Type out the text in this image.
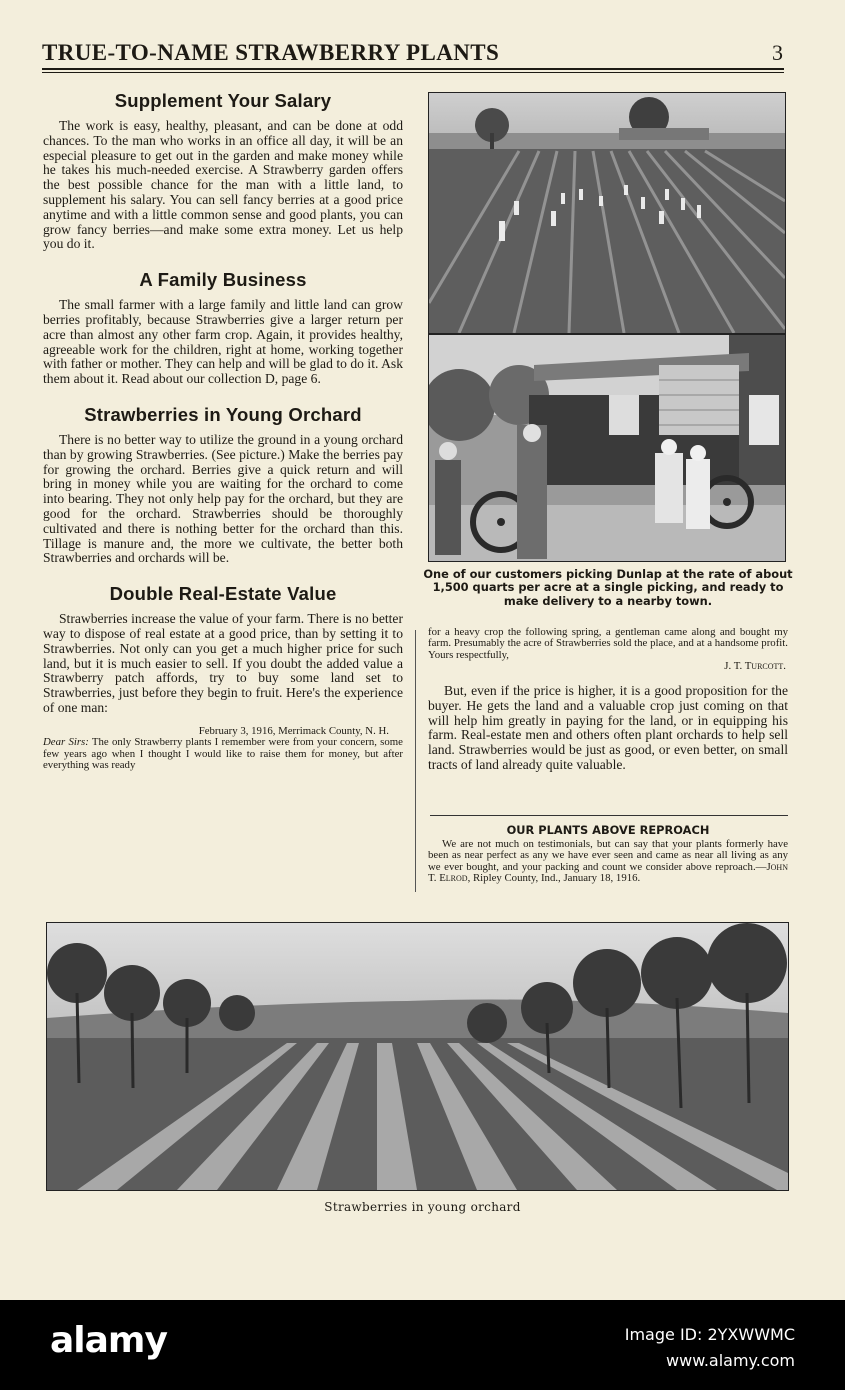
TRUE-TO-NAME STRAWBERRY PLANTS	3
Supplement Your Salary

The work is easy, healthy, pleasant, and can be done at odd chances. To the man who works in an office all day, it will be an especial pleasure to get out in the garden and make money while he takes his much-needed exercise. A Strawberry garden offers the best possible chance for the man with a little land, to supplement his salary. You can sell fancy berries at a good price anytime and with a little common sense and good plants, you can grow fancy berries—and make some extra money. Let us help you do it.

A Family Business

The small farmer with a large family and little land can grow berries profitably, because Strawberries give a larger return per acre than almost any other farm crop. Again, it provides healthy, agreeable work for the children, right at home, working together with father or mother. They can help and will be glad to do it. Ask them about it. Read about our collection D, page 6.

Strawberries in Young Orchard

There is no better way to utilize the ground in a young orchard than by growing Strawberries. (See picture.) Make the berries pay for growing the orchard. Berries give a quick return and will bring in money while you are waiting for the orchard to come into bearing. They not only help pay for the orchard, but they are good for the orchard. Strawberries should be thoroughly cultivated and there is nothing better for the orchard than this. Tillage is manure and, the more we cultivate, the better both Strawberries and orchards will be.

Double Real-Estate Value

Strawberries increase the value of your farm. There is no better way to dispose of real estate at a good price, than by setting it to Strawberries. Not only can you get a much higher price for such land, but it is much easier to sell. If you doubt the added value a Strawberry patch affords, try to buy some land set to Strawberries, just before they begin to fruit. Here's the experience of one man:

February 3, 1916, Merrimack County, N. H.
Dear Sirs: The only Strawberry plants I remember were from your concern, some few years ago when I thought I would like to raise them for money, but after everything was ready
One of our customers picking Dunlap at the rate of about 1,500 quarts per acre at a single picking, and ready to make delivery to a nearby town.
for a heavy crop the following spring, a gentleman came along and bought my farm. Presumably the acre of Strawberries sold the place, and at a handsome profit. Yours respectfully,
J. T. Turcott.

But, even if the price is higher, it is a good proposition for the buyer. He gets the land and a valuable crop just coming on that will help him greatly in paying for the land, or in equipping his farm. Real-estate men and others often plant orchards to help sell land. Strawberries would be just as good, or even better, on small tracts of land already quite valuable.

OUR PLANTS ABOVE REPROACH
We are not much on testimonials, but can say that your plants formerly have been as near perfect as any we have ever seen and came as near all living as any we ever bought, and your packing and count we consider above reproach.—John T. Elrod, Ripley County, Ind., January 18, 1916.
Strawberries in young orchard
alamy	Image ID: 2YXWWMC
www.alamy.com
